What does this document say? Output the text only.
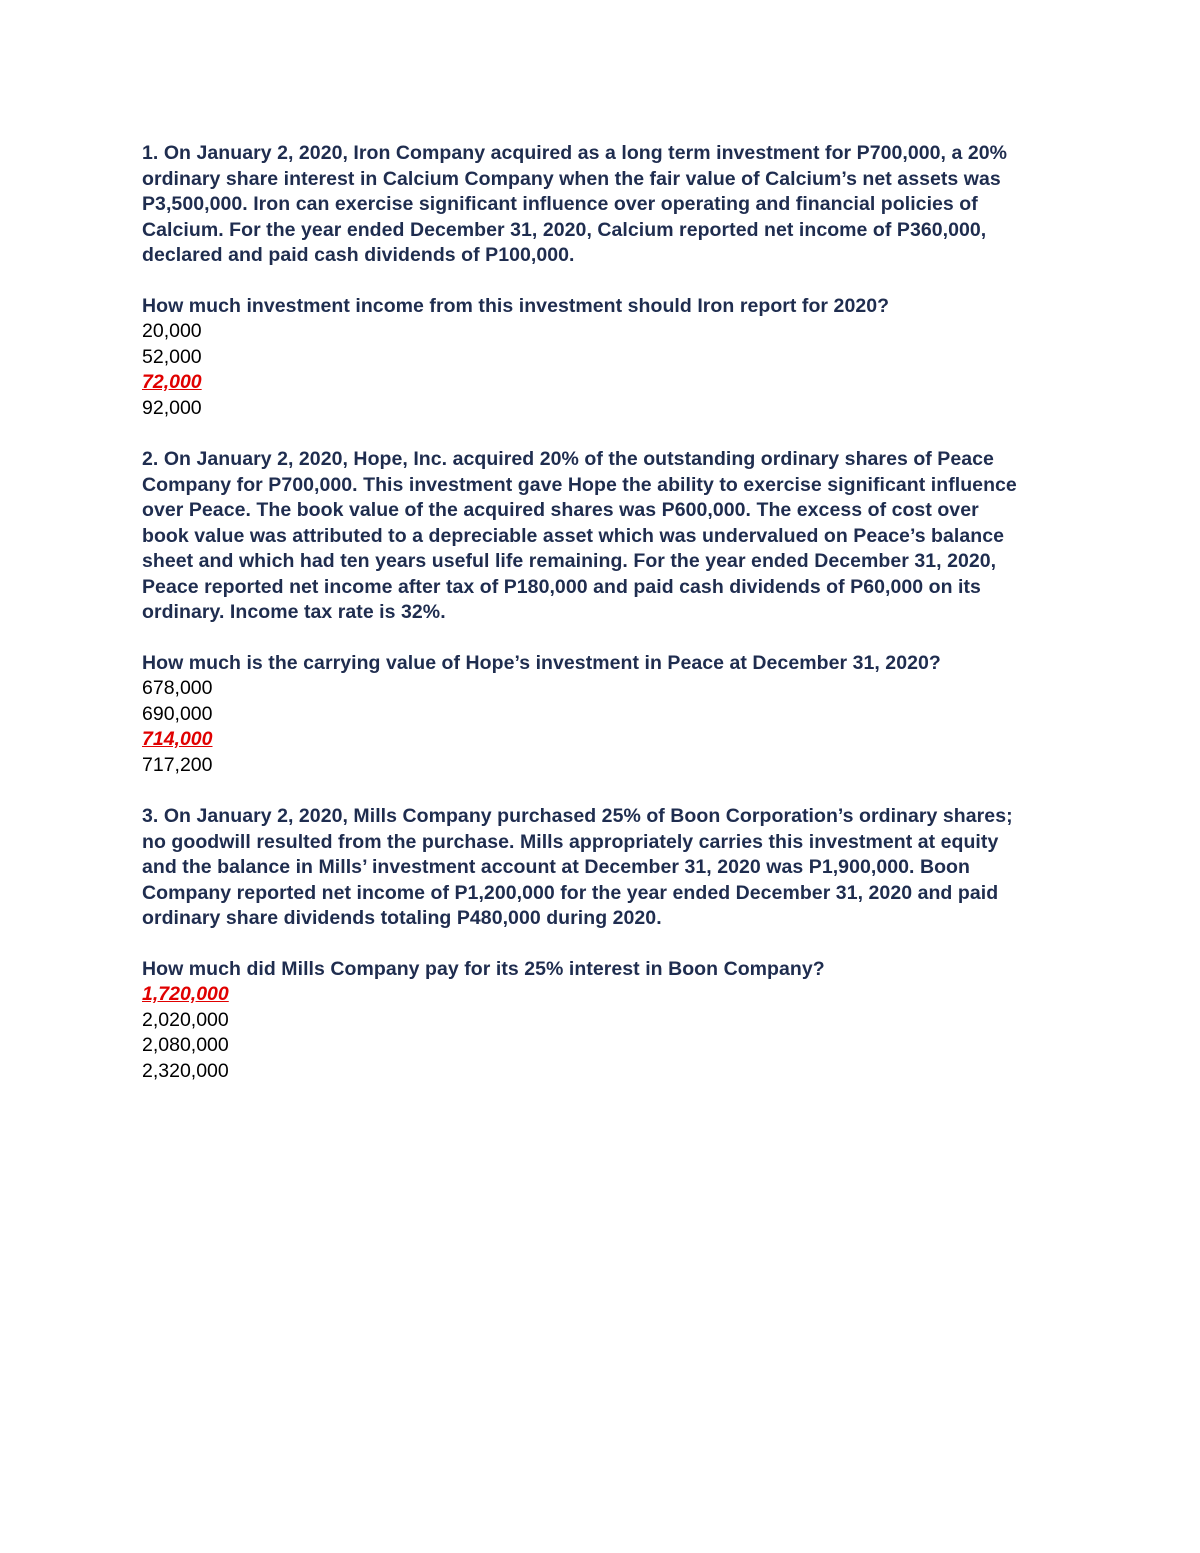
1. On January 2, 2020, Iron Company acquired as a long term investment for P700,000, a 20%
ordinary share interest in Calcium Company when the fair value of Calcium’s net assets was
P3,500,000. Iron can exercise significant influence over operating and financial policies of
Calcium. For the year ended December 31, 2020, Calcium reported net income of P360,000,
declared and paid cash dividends of P100,000.

How much investment income from this investment should Iron report for 2020?

20,000
52,000
72,000
92,000

2. On January 2, 2020, Hope, Inc. acquired 20% of the outstanding ordinary shares of Peace
Company for P700,000. This investment gave Hope the ability to exercise significant influence
over Peace. The book value of the acquired shares was P600,000. The excess of cost over
book value was attributed to a depreciable asset which was undervalued on Peace’s balance
sheet and which had ten years useful life remaining. For the year ended December 31, 2020,
Peace reported net income after tax of P180,000 and paid cash dividends of P60,000 on its
ordinary. Income tax rate is 32%.

How much is the carrying value of Hope’s investment in Peace at December 31, 2020?

678,000
690,000
714,000
717,200

3. On January 2, 2020, Mills Company purchased 25% of Boon Corporation’s ordinary shares;
no goodwill resulted from the purchase. Mills appropriately carries this investment at equity
and the balance in Mills’ investment account at December 31, 2020 was P1,900,000. Boon
Company reported net income of P1,200,000 for the year ended December 31, 2020 and paid
ordinary share dividends totaling P480,000 during 2020.

How much did Mills Company pay for its 25% interest in Boon Company?

1,720,000
2,020,000
2,080,000
2,320,000
